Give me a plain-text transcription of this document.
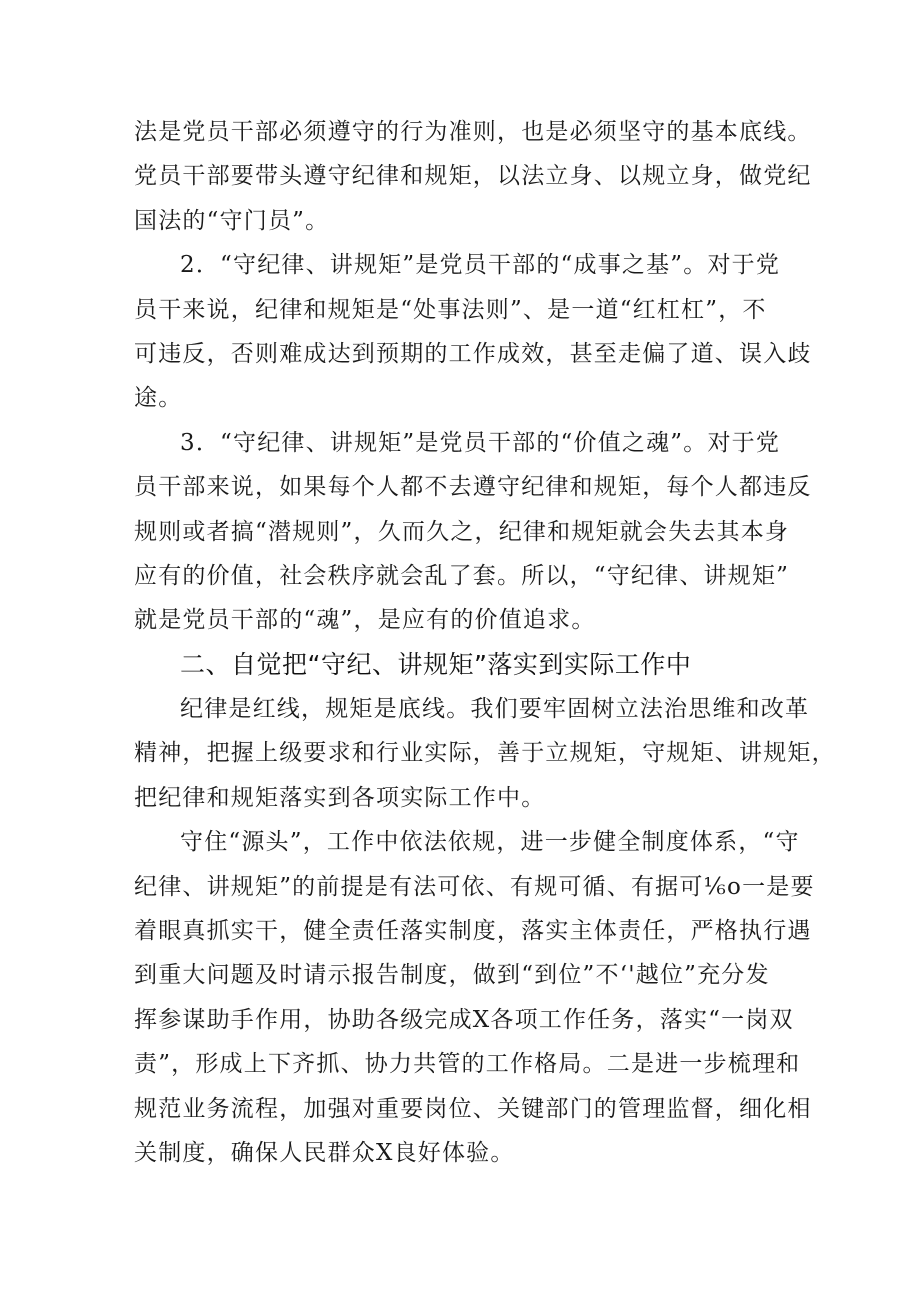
法是党员干部必须遵守的行为准则，也是必须坚守的基本底线。
党员干部要带头遵守纪律和规矩，以法立身、以规立身，做党纪
国法的“守门员”。
2．“守纪律、讲规矩”是党员干部的“成事之基”。对于党
员干来说，纪律和规矩是“处事法则”、是一道“红杠杠”，不
可违反，否则难成达到预期的工作成效，甚至走偏了道、误入歧
途。
3．“守纪律、讲规矩”是党员干部的“价值之魂”。对于党
员干部来说，如果每个人都不去遵守纪律和规矩，每个人都违反
规则或者搞“潜规则”，久而久之，纪律和规矩就会失去其本身
应有的价值，社会秩序就会乱了套。所以，“守纪律、讲规矩”
就是党员干部的“魂”，是应有的价值追求。
二、自觉把“守纪、讲规矩”落实到实际工作中
纪律是红线，规矩是底线。我们要牢固树立法治思维和改革
精神，把握上级要求和行业实际，善于立规矩，守规矩、讲规矩，
把纪律和规矩落实到各项实际工作中。
守住“源头”，工作中依法依规，进一步健全制度体系，“守
纪律、讲规矩”的前提是有法可依、有规可循、有据可⅙o一是要
着眼真抓实干，健全责任落实制度，落实主体责任，严格执行遇
到重大问题及时请示报告制度，做到“到位”不‘'越位”充分发
挥参谋助手作用，协助各级完成X各项工作任务，落实“一岗双
责”，形成上下齐抓、协力共管的工作格局。二是进一步梳理和
规范业务流程，加强对重要岗位、关键部门的管理监督，细化相
关制度，确保人民群众X良好体验。
